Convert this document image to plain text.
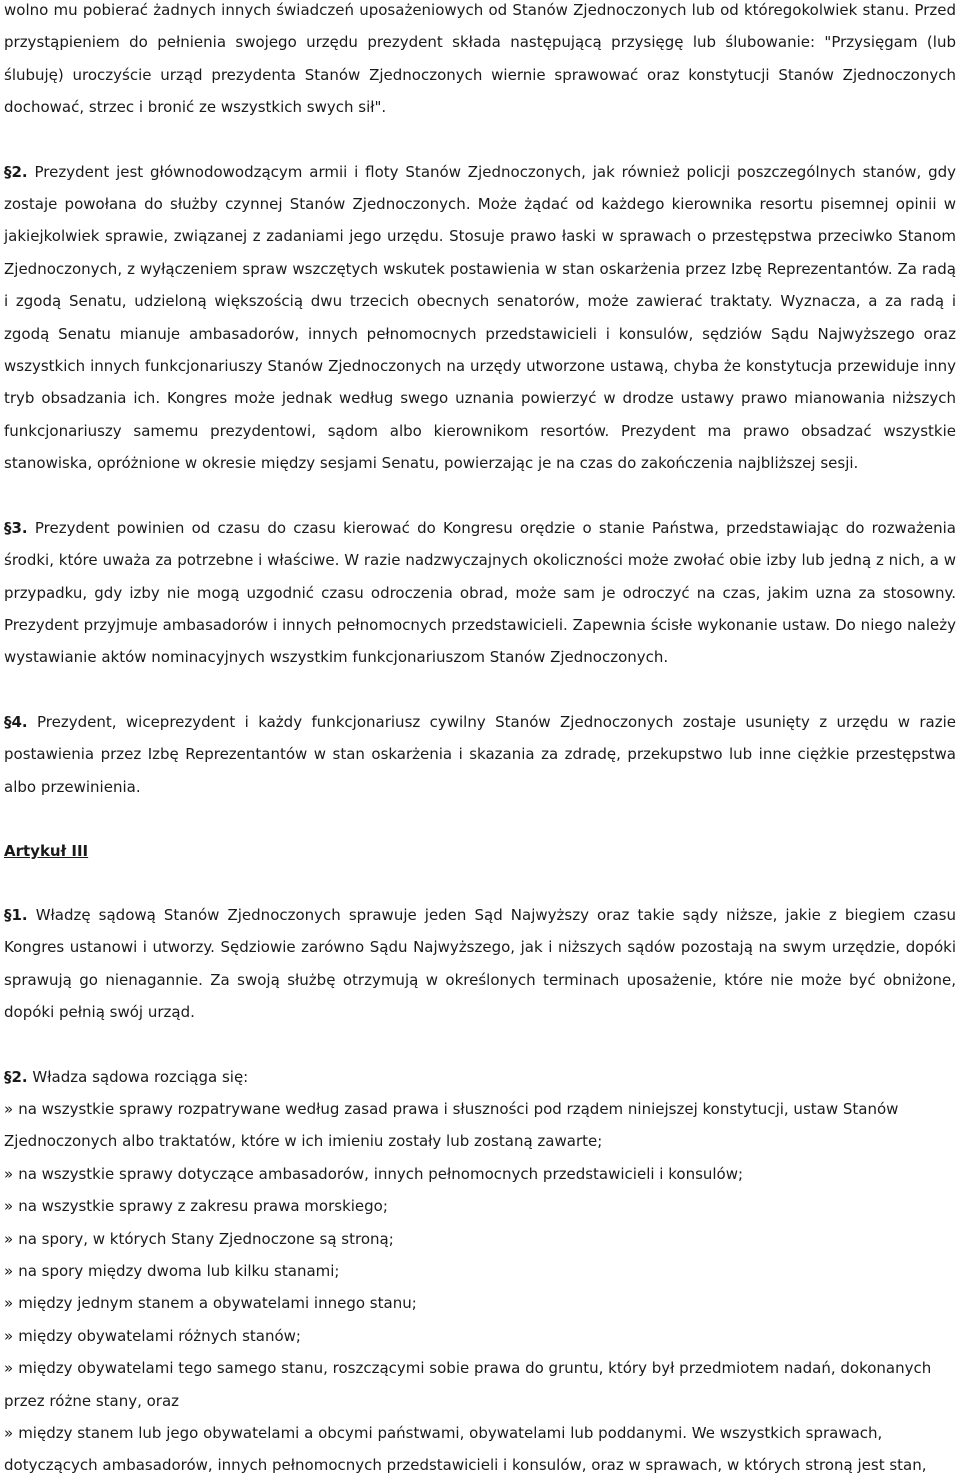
wolno mu pobierać żadnych innych świadczeń uposażeniowych od Stanów Zjednoczonych lub od któregokolwiek stanu. Przed przystąpieniem do pełnienia swojego urzędu prezydent składa następującą przysięgę lub ślubowanie: "Przysięgam (lub ślubuję) uroczyście urząd prezydenta Stanów Zjednoczonych wiernie sprawować oraz konstytucji Stanów Zjednoczonych dochować, strzec i bronić ze wszystkich swych sił".

§2. Prezydent jest głównodowodzącym armii i floty Stanów Zjednoczonych, jak również policji poszczególnych stanów, gdy zostaje powołana do służby czynnej Stanów Zjednoczonych. Może żądać od każdego kierownika resortu pisemnej opinii w jakiejkolwiek sprawie, związanej z zadaniami jego urzędu. Stosuje prawo łaski w sprawach o przestępstwa przeciwko Stanom Zjednoczonych, z wyłączeniem spraw wszczętych wskutek postawienia w stan oskarżenia przez Izbę Reprezentantów. Za radą i zgodą Senatu, udzieloną większością dwu trzecich obecnych senatorów, może zawierać traktaty. Wyznacza, a za radą i zgodą Senatu mianuje ambasadorów, innych pełnomocnych przedstawicieli i konsulów, sędziów Sądu Najwyższego oraz wszystkich innych funkcjonariuszy Stanów Zjednoczonych na urzędy utworzone ustawą, chyba że konstytucja przewiduje inny tryb obsadzania ich. Kongres może jednak według swego uznania powierzyć w drodze ustawy prawo mianowania niższych funkcjonariuszy samemu prezydentowi, sądom albo kierownikom resortów. Prezydent ma prawo obsadzać wszystkie stanowiska, opróżnione w okresie między sesjami Senatu, powierzając je na czas do zakończenia najbliższej sesji.

§3. Prezydent powinien od czasu do czasu kierować do Kongresu orędzie o stanie Państwa, przedstawiając do rozważenia środki, które uważa za potrzebne i właściwe. W razie nadzwyczajnych okoliczności może zwołać obie izby lub jedną z nich, a w przypadku, gdy izby nie mogą uzgodnić czasu odroczenia obrad, może sam je odroczyć na czas, jakim uzna za stosowny. Prezydent przyjmuje ambasadorów i innych pełnomocnych przedstawicieli. Zapewnia ścisłe wykonanie ustaw. Do niego należy wystawianie aktów nominacyjnych wszystkim funkcjonariuszom Stanów Zjednoczonych.

§4. Prezydent, wiceprezydent i każdy funkcjonariusz cywilny Stanów Zjednoczonych zostaje usunięty z urzędu w razie postawienia przez Izbę Reprezentantów w stan oskarżenia i skazania za zdradę, przekupstwo lub inne ciężkie przestępstwa albo przewinienia.

Artykuł III

§1. Władzę sądową Stanów Zjednoczonych sprawuje jeden Sąd Najwyższy oraz takie sądy niższe, jakie z biegiem czasu Kongres ustanowi i utworzy. Sędziowie zarówno Sądu Najwyższego, jak i niższych sądów pozostają na swym urzędzie, dopóki sprawują go nienagannie. Za swoją służbę otrzymują w określonych terminach uposażenie, które nie może być obniżone, dopóki pełnią swój urząd.

§2. Władza sądowa rozciąga się:

» na wszystkie sprawy rozpatrywane według zasad prawa i słuszności pod rządem niniejszej konstytucji, ustaw Stanów Zjednoczonych albo traktatów, które w ich imieniu zostały lub zostaną zawarte;
» na wszystkie sprawy dotyczące ambasadorów, innych pełnomocnych przedstawicieli i konsulów;
» na wszystkie sprawy z zakresu prawa morskiego;
» na spory, w których Stany Zjednoczone są stroną;
» na spory między dwoma lub kilku stanami;
» między jednym stanem a obywatelami innego stanu;
» między obywatelami różnych stanów;
» między obywatelami tego samego stanu, roszczącymi sobie prawa do gruntu, który był przedmiotem nadań, dokonanych przez różne stany, oraz
» między stanem lub jego obywatelami a obcymi państwami, obywatelami lub poddanymi. We wszystkich sprawach, dotyczących ambasadorów, innych pełnomocnych przedstawicieli i konsulów, oraz w sprawach, w których stroną jest stan,
